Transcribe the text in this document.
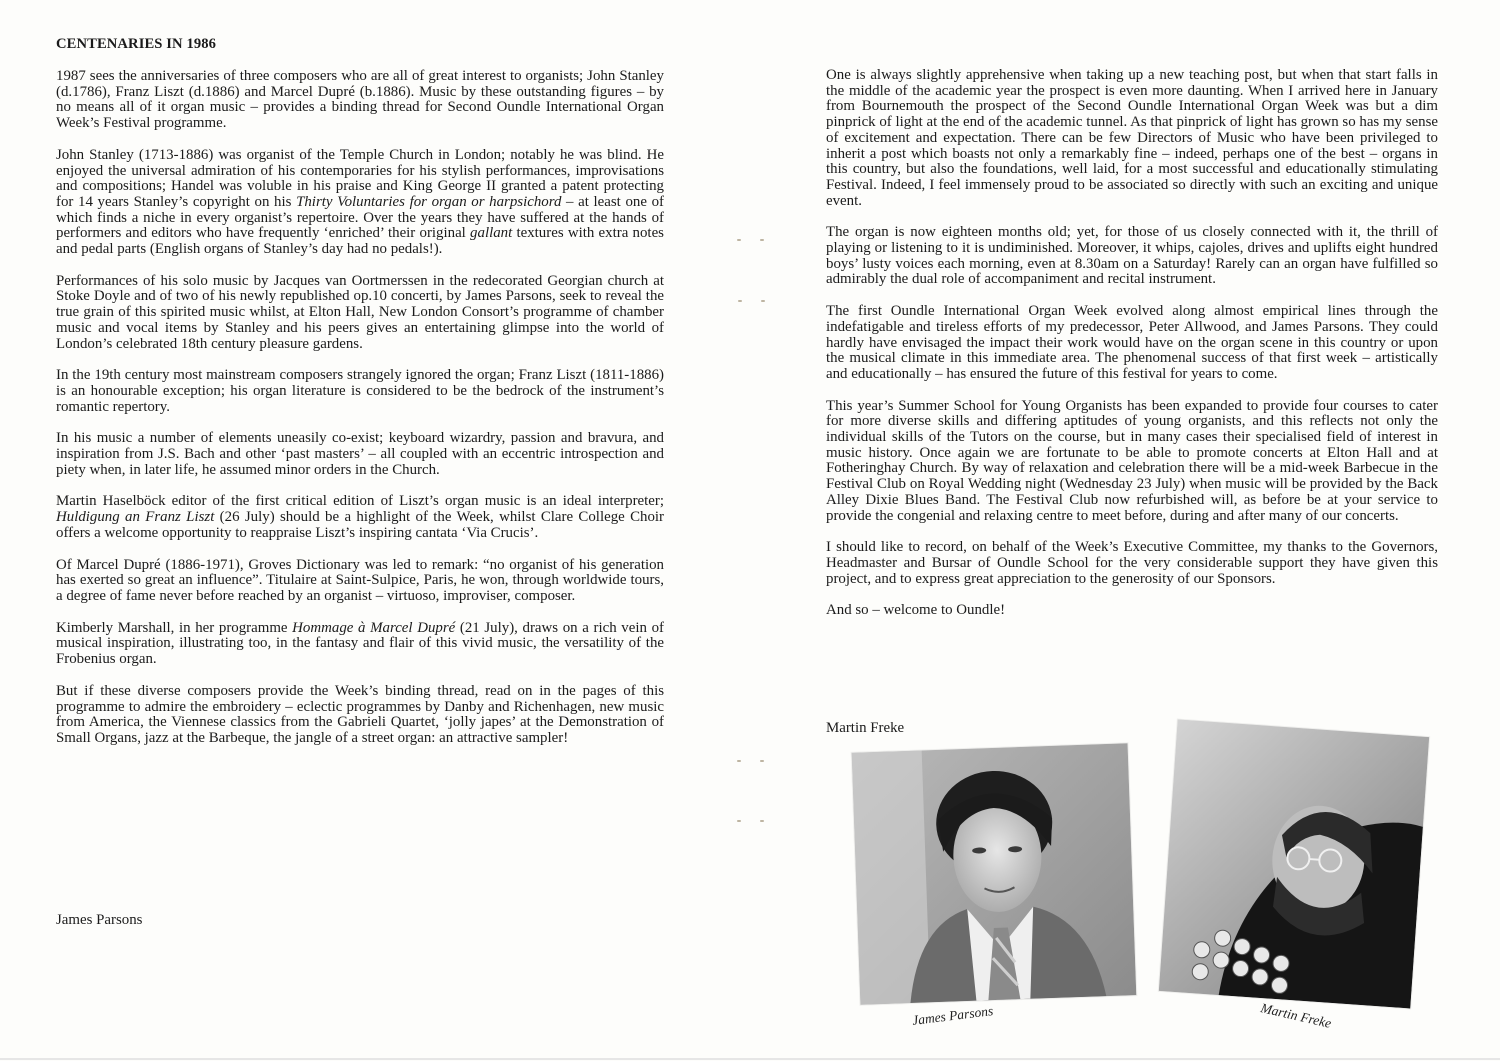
CENTENARIES IN 1986

1987 sees the anniversaries of three composers who are all of great interest to organists; John Stanley (d.1786), Franz Liszt (d.1886) and Marcel Dupré (b.1886). Music by these outstanding figures – by no means all of it organ music – provides a binding thread for Second Oundle International Organ Week’s Festival programme.

John Stanley (1713-1886) was organist of the Temple Church in London; notably he was blind. He enjoyed the universal admiration of his contemporaries for his stylish performances, improvisations and compositions; Handel was voluble in his praise and King George II granted a patent protecting for 14 years Stanley’s copyright on his Thirty Voluntaries for organ or harpsichord – at least one of which finds a niche in every organist’s repertoire. Over the years they have suffered at the hands of performers and editors who have frequently ‘enriched’ their original gallant textures with extra notes and pedal parts (English organs of Stanley’s day had no pedals!).

Performances of his solo music by Jacques van Oortmerssen in the redecorated Georgian church at Stoke Doyle and of two of his newly republished op.10 concerti, by James Parsons, seek to reveal the true grain of this spirited music whilst, at Elton Hall, New London Consort’s programme of chamber music and vocal items by Stanley and his peers gives an entertaining glimpse into the world of London’s celebrated 18th century pleasure gardens.

In the 19th century most mainstream composers strangely ignored the organ; Franz Liszt (1811-1886) is an honourable exception; his organ literature is considered to be the bedrock of the instrument’s romantic repertory.

In his music a number of elements uneasily co-exist; keyboard wizardry, passion and bravura, and inspiration from J.S. Bach and other ‘past masters’ – all coupled with an eccentric introspection and piety when, in later life, he assumed minor orders in the Church.

Martin Haselböck editor of the first critical edition of Liszt’s organ music is an ideal interpreter; Huldigung an Franz Liszt (26 July) should be a highlight of the Week, whilst Clare College Choir offers a welcome opportunity to reappraise Liszt’s inspiring cantata ‘Via Crucis’.

Of Marcel Dupré (1886-1971), Groves Dictionary was led to remark: “no organist of his generation has exerted so great an influence”. Titulaire at Saint-Sulpice, Paris, he won, through worldwide tours, a degree of fame never before reached by an organist – virtuoso, improviser, composer.

Kimberly Marshall, in her programme Hommage à Marcel Dupré (21 July), draws on a rich vein of musical inspiration, illustrating too, in the fantasy and flair of this vivid music, the versatility of the Frobenius organ.

But if these diverse composers provide the Week’s binding thread, read on in the pages of this programme to admire the embroidery – eclectic programmes by Danby and Richenhagen, new music from America, the Viennese classics from the Gabrieli Quartet, ‘jolly japes’ at the Demonstration of Small Organs, jazz at the Barbeque, the jangle of a street organ: an attractive sampler!

James Parsons

One is always slightly apprehensive when taking up a new teaching post, but when that start falls in the middle of the academic year the prospect is even more daunting. When I arrived here in January from Bournemouth the prospect of the Second Oundle International Organ Week was but a dim pinprick of light at the end of the academic tunnel. As that pinprick of light has grown so has my sense of excitement and expectation. There can be few Directors of Music who have been privileged to inherit a post which boasts not only a remarkably fine – indeed, perhaps one of the best – organs in this country, but also the foundations, well laid, for a most successful and educationally stimulating Festival. Indeed, I feel immensely proud to be associated so directly with such an exciting and unique event.

The organ is now eighteen months old; yet, for those of us closely connected with it, the thrill of playing or listening to it is undiminished. Moreover, it whips, cajoles, drives and uplifts eight hundred boys’ lusty voices each morning, even at 8.30am on a Saturday! Rarely can an organ have fulfilled so admirably the dual role of accompaniment and recital instrument.

The first Oundle International Organ Week evolved along almost empirical lines through the indefatigable and tireless efforts of my predecessor, Peter Allwood, and James Parsons. They could hardly have envisaged the impact their work would have on the organ scene in this country or upon the musical climate in this immediate area. The phenomenal success of that first week – artistically and educationally – has ensured the future of this festival for years to come.

This year’s Summer School for Young Organists has been expanded to provide four courses to cater for more diverse skills and differing aptitudes of young organists, and this reflects not only the individual skills of the Tutors on the course, but in many cases their specialised field of interest in music history. Once again we are fortunate to be able to promote concerts at Elton Hall and at Fotheringhay Church. By way of relaxation and celebration there will be a mid-week Barbecue in the Festival Club on Royal Wedding night (Wednesday 23 July) when music will be provided by the Back Alley Dixie Blues Band. The Festival Club now refurbished will, as before be at your service to provide the congenial and relaxing centre to meet before, during and after many of our concerts.

I should like to record, on behalf of the Week’s Executive Committee, my thanks to the Governors, Headmaster and Bursar of Oundle School for the very considerable support they have given this project, and to express great appreciation to the generosity of our Sponsors.

And so – welcome to Oundle!

Martin Freke
James Parsons	Martin Freke
